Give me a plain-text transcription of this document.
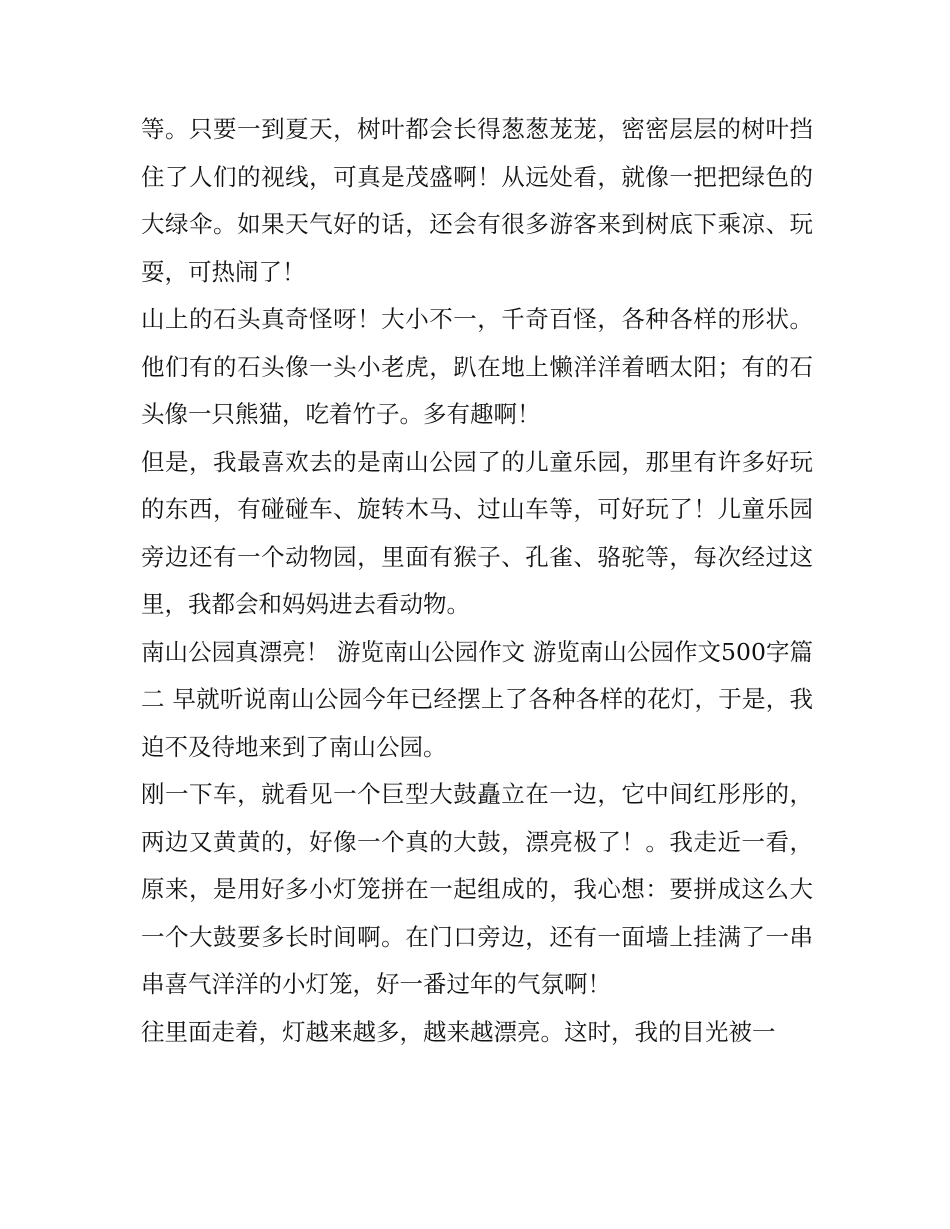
等。只要一到夏天，树叶都会长得葱葱茏茏，密密层层的树叶挡住了人们的视线，可真是茂盛啊！从远处看，就像一把把绿色的大绿伞。如果天气好的话，还会有很多游客来到树底下乘凉、玩耍，可热闹了！

山上的石头真奇怪呀！大小不一，千奇百怪，各种各样的形状。他们有的石头像一头小老虎，趴在地上懒洋洋着晒太阳；有的石头像一只熊猫，吃着竹子。多有趣啊！

但是，我最喜欢去的是南山公园了的儿童乐园，那里有许多好玩的东西，有碰碰车、旋转木马、过山车等，可好玩了！儿童乐园旁边还有一个动物园，里面有猴子、孔雀、骆驼等，每次经过这里，我都会和妈妈进去看动物。

南山公园真漂亮！ 游览南山公园作文 游览南山公园作文500字篇二 早就听说南山公园今年已经摆上了各种各样的花灯，于是，我迫不及待地来到了南山公园。

刚一下车，就看见一个巨型大鼓矗立在一边，它中间红彤彤的，两边又黄黄的，好像一个真的大鼓，漂亮极了！。我走近一看，原来，是用好多小灯笼拼在一起组成的，我心想：要拼成这么大一个大鼓要多长时间啊。在门口旁边，还有一面墙上挂满了一串串喜气洋洋的小灯笼，好一番过年的气氛啊！

往里面走着，灯越来越多，越来越漂亮。这时，我的目光被一
